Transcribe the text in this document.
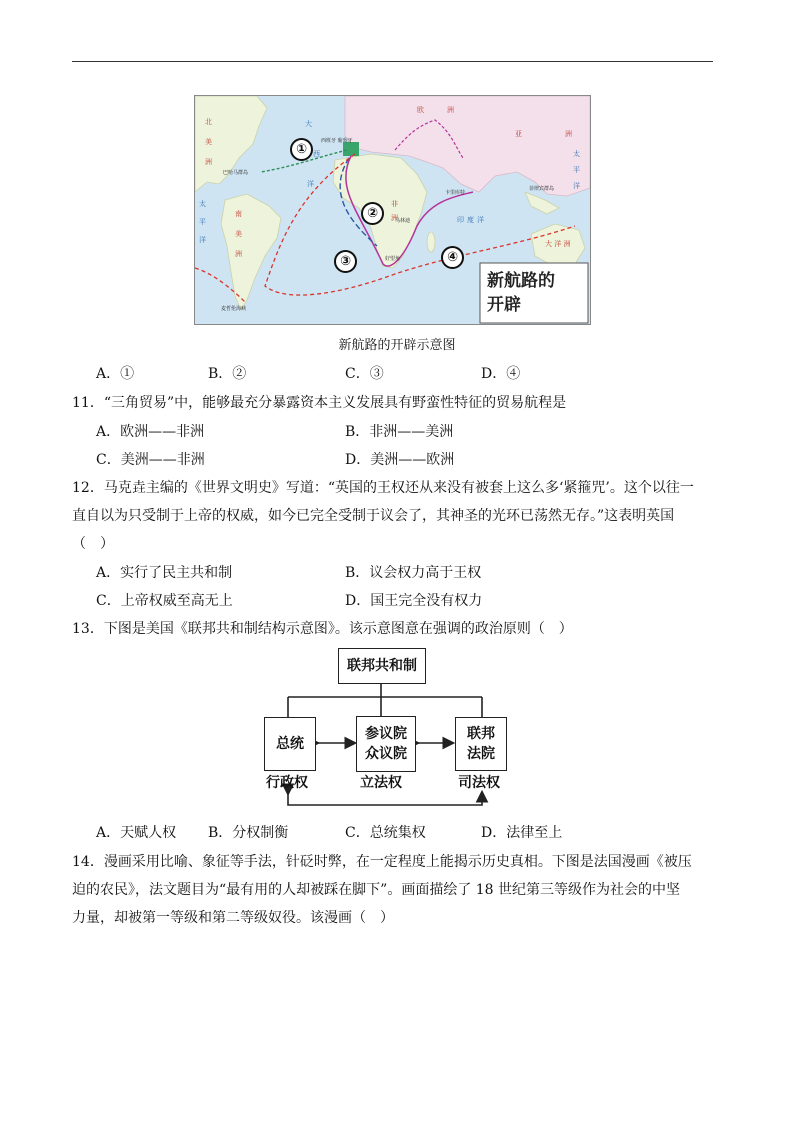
北
美
洲
南
美
洲
欧	洲
亚	洲
非
洲
大 洋 洲
太
平
洋
太
平
洋
大
西
洋
印 度 洋
巴哈马群岛
西班牙 葡萄牙
卡里库特
菲律宾群岛
马林迪
好望角
麦哲伦海峡
新航路的
开辟
①
②
③	④
新航路的开辟示意图
A．①	B．②	C．③	D．④
11．“三角贸易”中，能够最充分暴露资本主义发展具有野蛮性特征的贸易航程是
A．欧洲——非洲	B．非洲——美洲
C．美洲——非洲	D．美洲——欧洲
12．马克垚主编的《世界文明史》写道：“英国的王权还从来没有被套上这么多‘紧箍咒’。这个以往一
直自以为只受制于上帝的权威，如今已完全受制于议会了，其神圣的光环已荡然无存。”这表明英国
（　）
A．实行了民主共和制	B．议会权力高于王权
C．上帝权威至高无上	D．国王完全没有权力
13．下图是美国《联邦共和制结构示意图》。该示意图意在强调的政治原则（　）
联邦共和制
总统
参议院
众议院
联邦
法院
行政权	立法权	司法权
A．天赋人权 B．分权制衡	C．总统集权	D．法律至上
14．漫画采用比喻、象征等手法，针砭时弊，在一定程度上能揭示历史真相。下图是法国漫画《被压
迫的农民》，法文题目为“最有用的人却被踩在脚下”。画面描绘了 18 世纪第三等级作为社会的中坚
力量，却被第一等级和第二等级奴役。该漫画（　）
